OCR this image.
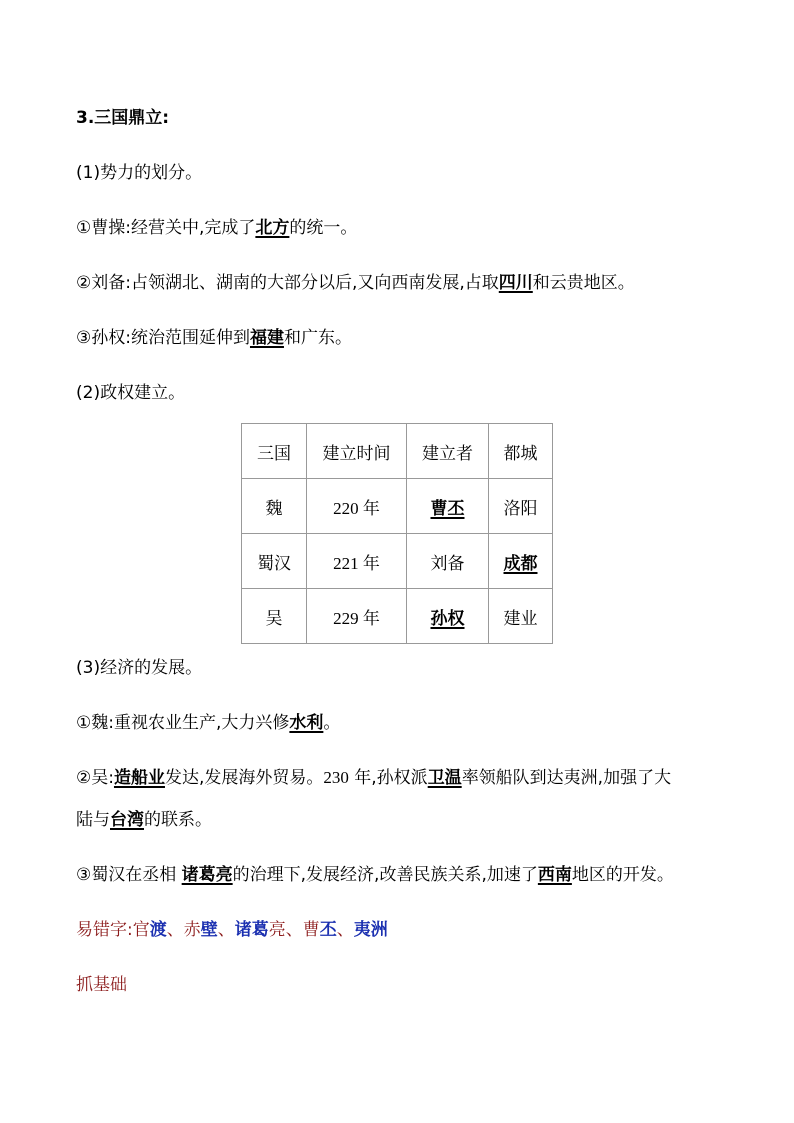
3.三国鼎立:
(1)势力的划分。
①曹操:经营关中,完成了北方的统一。
②刘备:占领湖北、湖南的大部分以后,又向西南发展,占取四川和云贵地区。
③孙权:统治范围延伸到福建和广东。
(2)政权建立。
三国	建立时间	建立者	都城
魏	220 年	曹丕	洛阳
蜀汉	221 年	刘备	成都
吴	229 年	孙权	建业
(3)经济的发展。
①魏:重视农业生产,大力兴修水利。
②吴:造船业发达,发展海外贸易。230 年,孙权派卫温率领船队到达夷洲,加强了大
陆与台湾的联系。
③蜀汉在丞相 诸葛亮的治理下,发展经济,改善民族关系,加速了西南地区的开发。
易错字:官渡、赤壁、诸葛亮、曹丕、夷洲
抓基础
